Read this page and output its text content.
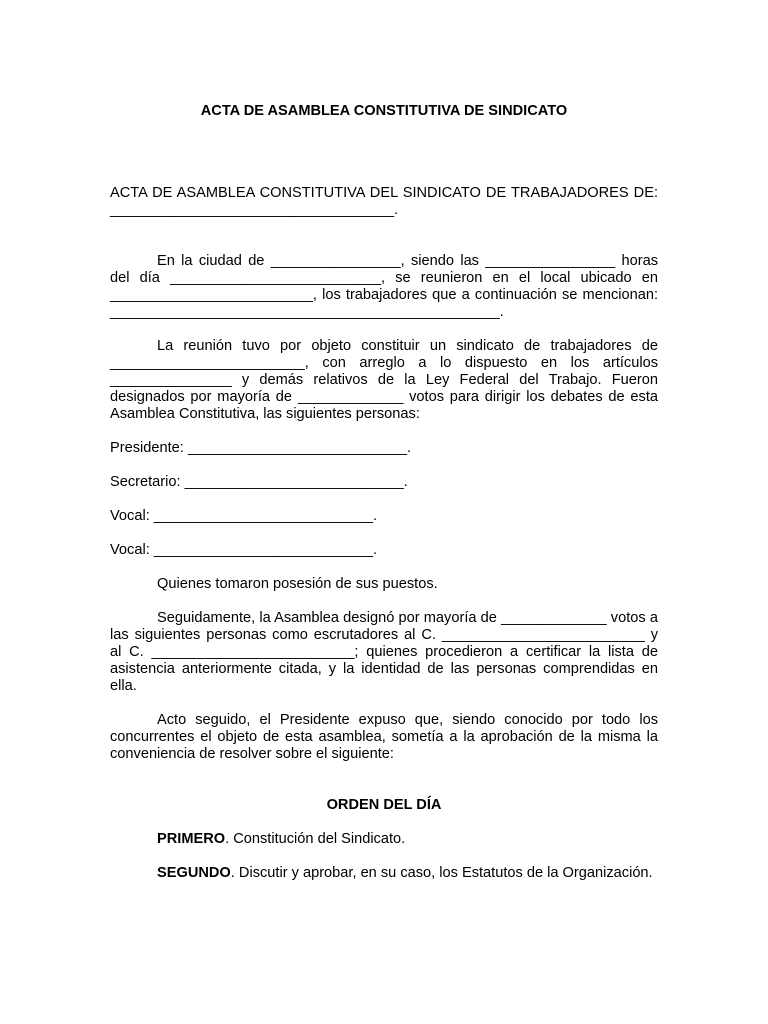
ACTA DE ASAMBLEA CONSTITUTIVA DE SINDICATO

ACTA DE ASAMBLEA CONSTITUTIVA DEL SINDICATO DE TRABAJADORES DE: ___________________________________.

En la ciudad de ________________, siendo las ________________ horas del día __________________________, se reunieron en el local ubicado en _________________________, los trabajadores que a continuación se mencionan: ________________________________________________.

La reunión tuvo por objeto constituir un sindicato de trabajadores de ________________________, con arreglo a lo dispuesto en los artículos _______________ y demás relativos de la Ley Federal del Trabajo. Fueron designados por mayoría de _____________ votos para dirigir los debates de esta Asamblea Constitutiva, las siguientes personas:

Presidente: ___________________________.

Secretario: ___________________________.

Vocal: ___________________________.

Vocal: ___________________________.

Quienes tomaron posesión de sus puestos.

Seguidamente, la Asamblea designó por mayoría de _____________ votos a las siguientes personas como escrutadores al C. _________________________ y al C. _________________________; quienes procedieron a certificar la lista de asistencia anteriormente citada, y la identidad de las personas comprendidas en ella.

Acto seguido, el Presidente expuso que, siendo conocido por todo los concurrentes el objeto de esta asamblea, sometía a la aprobación de la misma la conveniencia de resolver sobre el siguiente:

ORDEN DEL DÍA

PRIMERO. Constitución del Sindicato.

SEGUNDO. Discutir y aprobar, en su caso, los Estatutos de la Organización.
